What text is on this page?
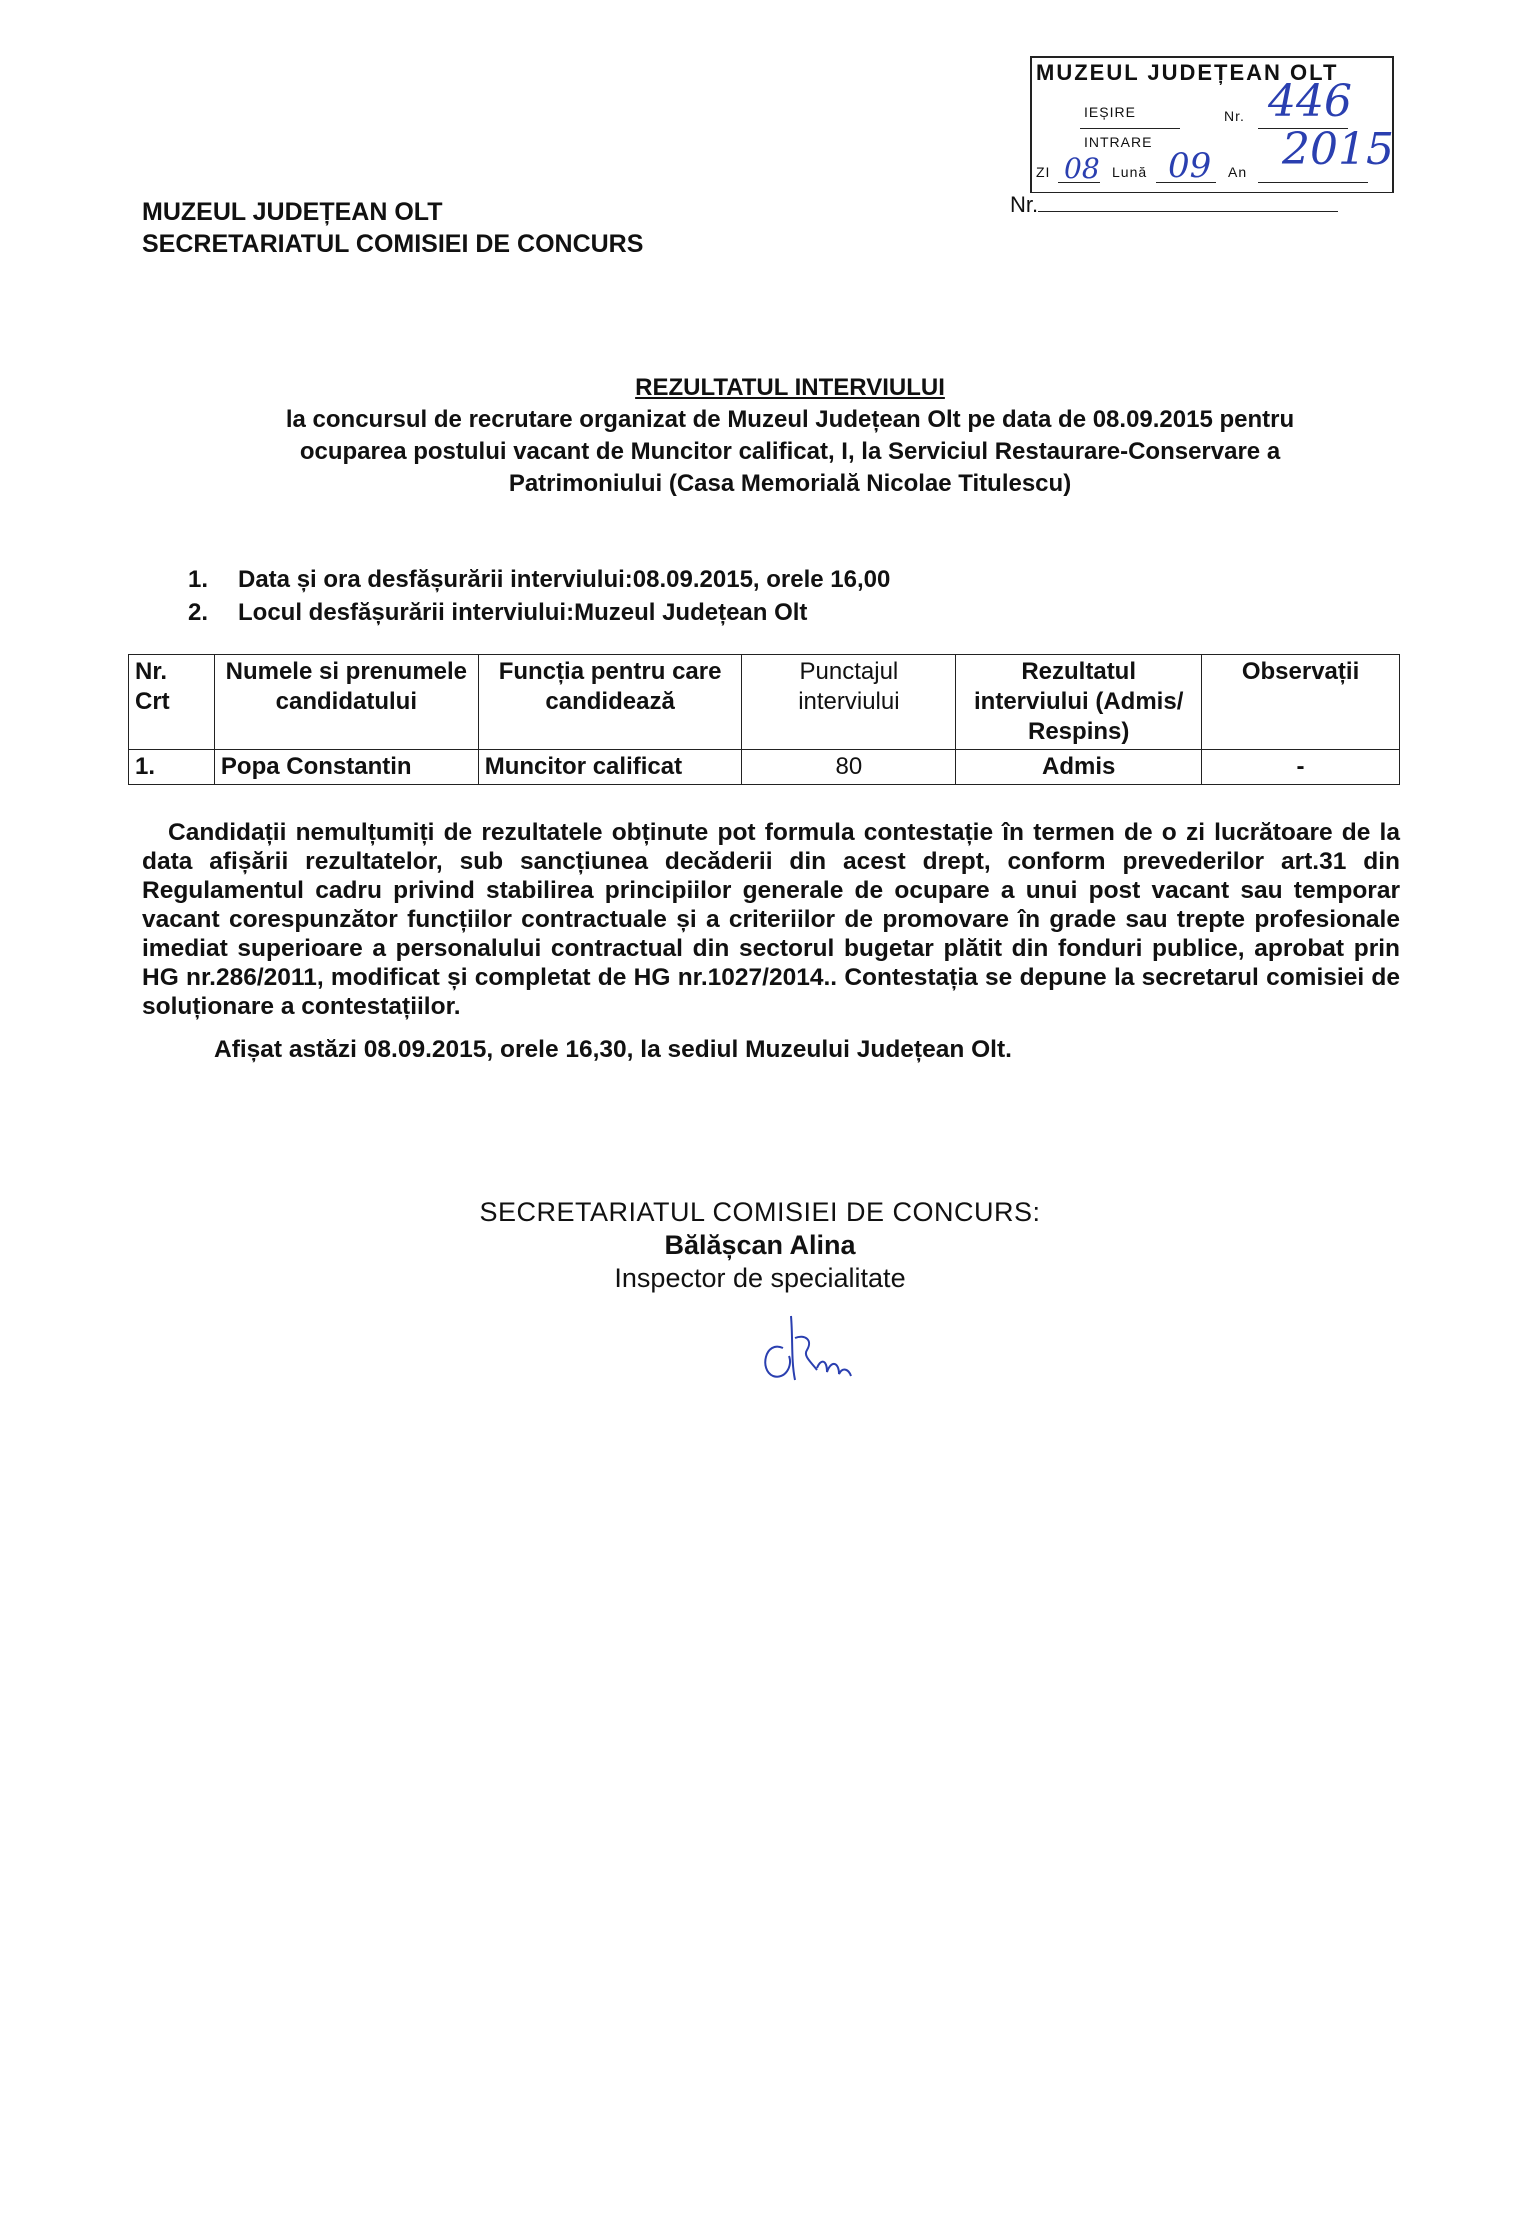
MUZEUL JUDEȚEAN OLT
IEȘIRE
INTRARE
Nr. 446
ZI 08 Lună 09 An 2015
Nr.
MUZEUL JUDEȚEAN OLT
SECRETARIATUL COMISIEI DE CONCURS
REZULTATUL INTERVIULUI
la concursul de recrutare organizat de Muzeul Județean Olt pe data de 08.09.2015 pentru
ocuparea postului vacant de Muncitor calificat, I, la Serviciul Restaurare-Conservare a
Patrimoniului (Casa Memorială Nicolae Titulescu)
1. Data și ora desfășurării interviului:08.09.2015, orele 16,00
2. Locul desfășurării interviului:Muzeul Județean Olt
Nr. Crt	Numele si prenumele candidatului	Funcția pentru care candidează	Punctajul interviului	Rezultatul interviului (Admis/ Respins)	Observații
1.	Popa Constantin	Muncitor calificat	80	Admis	-
Candidații nemulțumiți de rezultatele obținute pot formula contestație în termen de o zi lucrătoare de la data afișării rezultatelor, sub sancțiunea decăderii din acest drept, conform prevederilor art.31 din Regulamentul cadru privind stabilirea principiilor generale de ocupare a unui post vacant sau temporar vacant corespunzător funcțiilor contractuale și a criteriilor de promovare în grade sau trepte profesionale imediat superioare a personalului contractual din sectorul bugetar plătit din fonduri publice, aprobat prin HG nr.286/2011, modificat și completat de HG nr.1027/2014.. Contestația se depune la secretarul comisiei de soluționare a contestațiilor.
Afișat astăzi 08.09.2015, orele 16,30, la sediul Muzeului Județean Olt.
SECRETARIATUL COMISIEI DE CONCURS:
Bălășcan Alina
Inspector de specialitate
